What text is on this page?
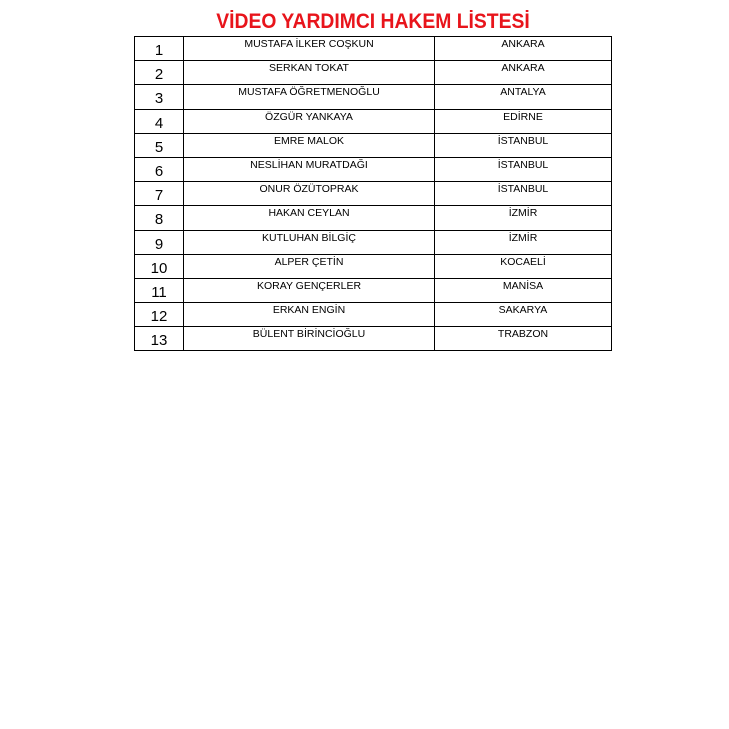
VİDEO YARDIMCI HAKEM LİSTESİ
1	MUSTAFA İLKER COŞKUN	ANKARA
2	SERKAN TOKAT	ANKARA
3	MUSTAFA ÖĞRETMENOĞLU	ANTALYA
4	ÖZGÜR YANKAYA	EDİRNE
5	EMRE MALOK	İSTANBUL
6	NESLİHAN MURATDAĞI	İSTANBUL
7	ONUR ÖZÜTOPRAK	İSTANBUL
8	HAKAN CEYLAN	İZMİR
9	KUTLUHAN BİLGİÇ	İZMİR
10	ALPER ÇETİN	KOCAELİ
11	KORAY GENÇERLER	MANİSA
12	ERKAN ENGİN	SAKARYA
13	BÜLENT BİRİNCİOĞLU	TRABZON
